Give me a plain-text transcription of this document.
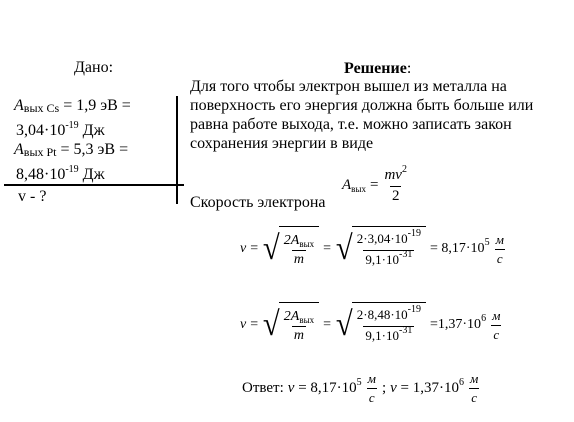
Дано:
Aвых Cs = 1,9 эВ =
$3,04\cdot 10^{-19}$ Дж
Aвых Pt = 5,3 эВ =
$8,48\cdot 10^{-19}$ Дж
v - ?
Решение:
Для того чтобы электрон вышел из металла на
поверхность его энергия должна быть больше или
равна работе выхода, т.е. можно записать закон
сохранения энергии в виде
$A_{вых} = \frac{mv^2}{2}$
Скорость электрона
v = √ $\frac{2A_{вых}}{m}$ = √ $\frac{2\cdot 3,04\cdot 10^{-19}}{9,1\cdot 10^{-31}} = 8,17\cdot 10^5 \frac{м}{с}$
v = √ $\frac{2A_{вых}}{m}$ = √ $\frac{2\cdot 8,48\cdot 10^{-19}}{9,1\cdot 10^{-31}} =1,37\cdot 10^6 \frac{м}{с}$
Ответ: $v = 8,17\cdot 10^5 \frac{м}{с}$ ; $v = 1,37\cdot 10^6 \frac{м}{с}$
